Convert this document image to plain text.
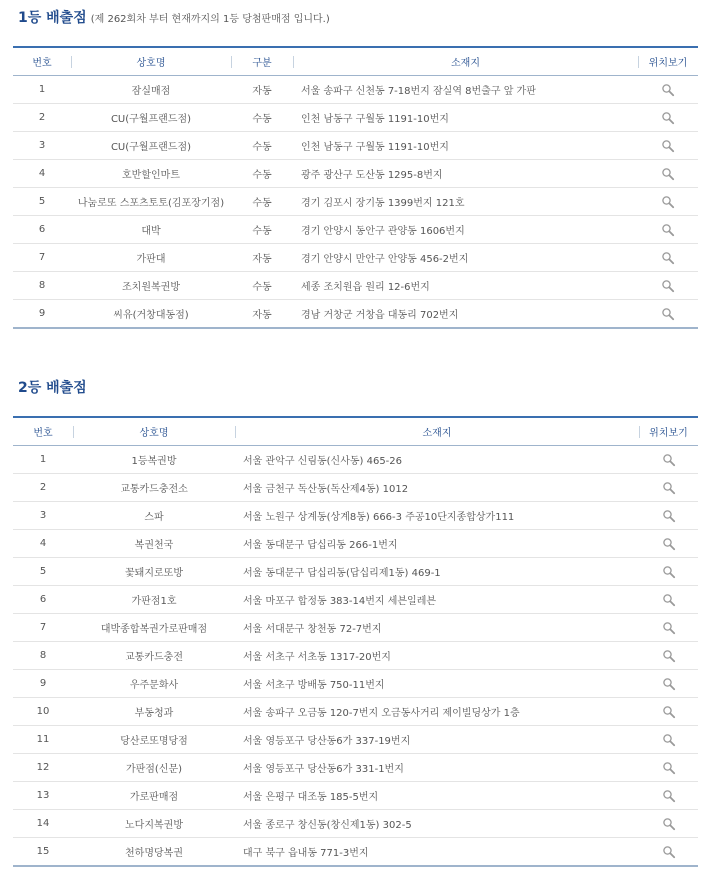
1등 배출점 (제 262회차 부터 현재까지의 1등 당첨판매점 입니다.)
번호	상호명	구분	소재지	위치보기
1	잠실매점	자동	서울 송파구 신천동 7-18번지 잠실역 8번출구 앞 가판	
2	CU(구월프랜드점)	수동	인천 남동구 구월동 1191-10번지	
3	CU(구월프랜드점)	수동	인천 남동구 구월동 1191-10번지	
4	호반할인마트	수동	광주 광산구 도산동 1295-8번지	
5	나눔로또 스포츠토토(김포장기점)	수동	경기 김포시 장기동 1399번지 121호	
6	대박	수동	경기 안양시 동안구 관양동 1606번지	
7	가판대	자동	경기 안양시 만안구 안양동 456-2번지	
8	조치원복권방	수동	세종 조치원읍 원리 12-6번지	
9	씨유(거창대동점)	자동	경남 거창군 거창읍 대동리 702번지	
2등 배출점
번호	상호명	소재지	위치보기
1	1등복권방	서울 관악구 신림동(신사동) 465-26	
2	교통카드충전소	서울 금천구 독산동(독산제4동) 1012	
3	스파	서울 노원구 상계동(상계8동) 666-3 주공10단지종합상가111	
4	복권천국	서울 동대문구 답십리동 266-1번지	
5	꽃돼지로또방	서울 동대문구 답십리동(답십리제1동) 469-1	
6	가판점1호	서울 마포구 합정동 383-14번지 세븐일레븐	
7	대박종합복권가로판매점	서울 서대문구 창천동 72-7번지	
8	교통카드충전	서울 서초구 서초동 1317-20번지	
9	우주문화사	서울 서초구 방배동 750-11번지	
10	부동청과	서울 송파구 오금동 120-7번지 오금동사거리 제이빌딩상가 1층	
11	당산로또명당점	서울 영등포구 당산동6가 337-19번지	
12	가판점(신문)	서울 영등포구 당산동6가 331-1번지	
13	가로판매점	서울 은평구 대조동 185-5번지	
14	노다지복권방	서울 종로구 창신동(창신제1동) 302-5	
15	천하명당복권	대구 북구 읍내동 771-3번지	
